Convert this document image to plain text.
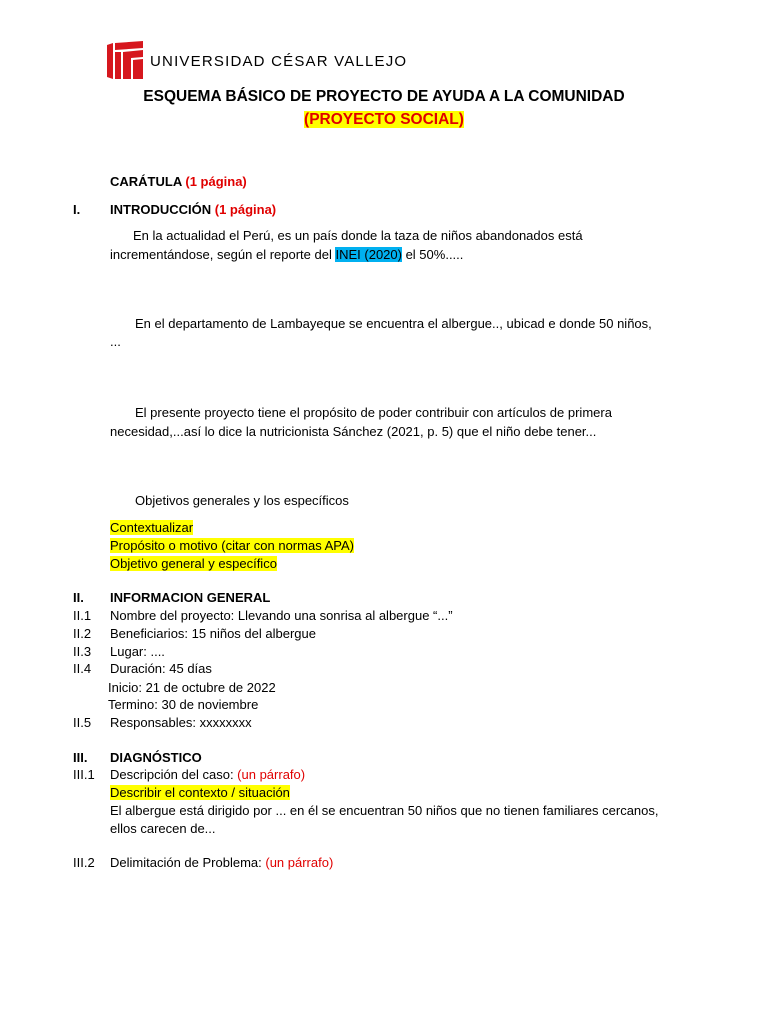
UNIVERSIDAD CÉSAR VALLEJO
ESQUEMA BÁSICO DE PROYECTO DE AYUDA A LA COMUNIDAD
(PROYECTO SOCIAL)
CARÁTULA (1 página)
I. INTRODUCCIÓN (1 página)
En la actualidad el Perú, es un país donde la taza de niños abandonados está
incrementándose, según el reporte del INEI (2020) el 50%.....
En el departamento de Lambayeque se encuentra el albergue.., ubicad e donde 50 niños,
...
El presente proyecto tiene el propósito de poder contribuir con artículos de primera
necesidad,...así lo dice la nutricionista Sánchez (2021, p. 5) que el niño debe tener...
Objetivos generales y los específicos
Contextualizar
Propósito o motivo (citar con normas APA)
Objetivo general y específico
II. INFORMACION GENERAL
II.1 Nombre del proyecto: Llevando una sonrisa al albergue “...”
II.2 Beneficiarios: 15 niños del albergue
II.3 Lugar: ....
II.4 Duración: 45 días
Inicio: 21 de octubre de 2022
Termino: 30 de noviembre
II.5 Responsables: xxxxxxxx
III. DIAGNÓSTICO
III.1 Descripción del caso: (un párrafo)
Describir el contexto / situación
El albergue está dirigido por ... en él se encuentran 50 niños que no tienen familiares cercanos,
ellos carecen de...
III.2 Delimitación de Problema: (un párrafo)
